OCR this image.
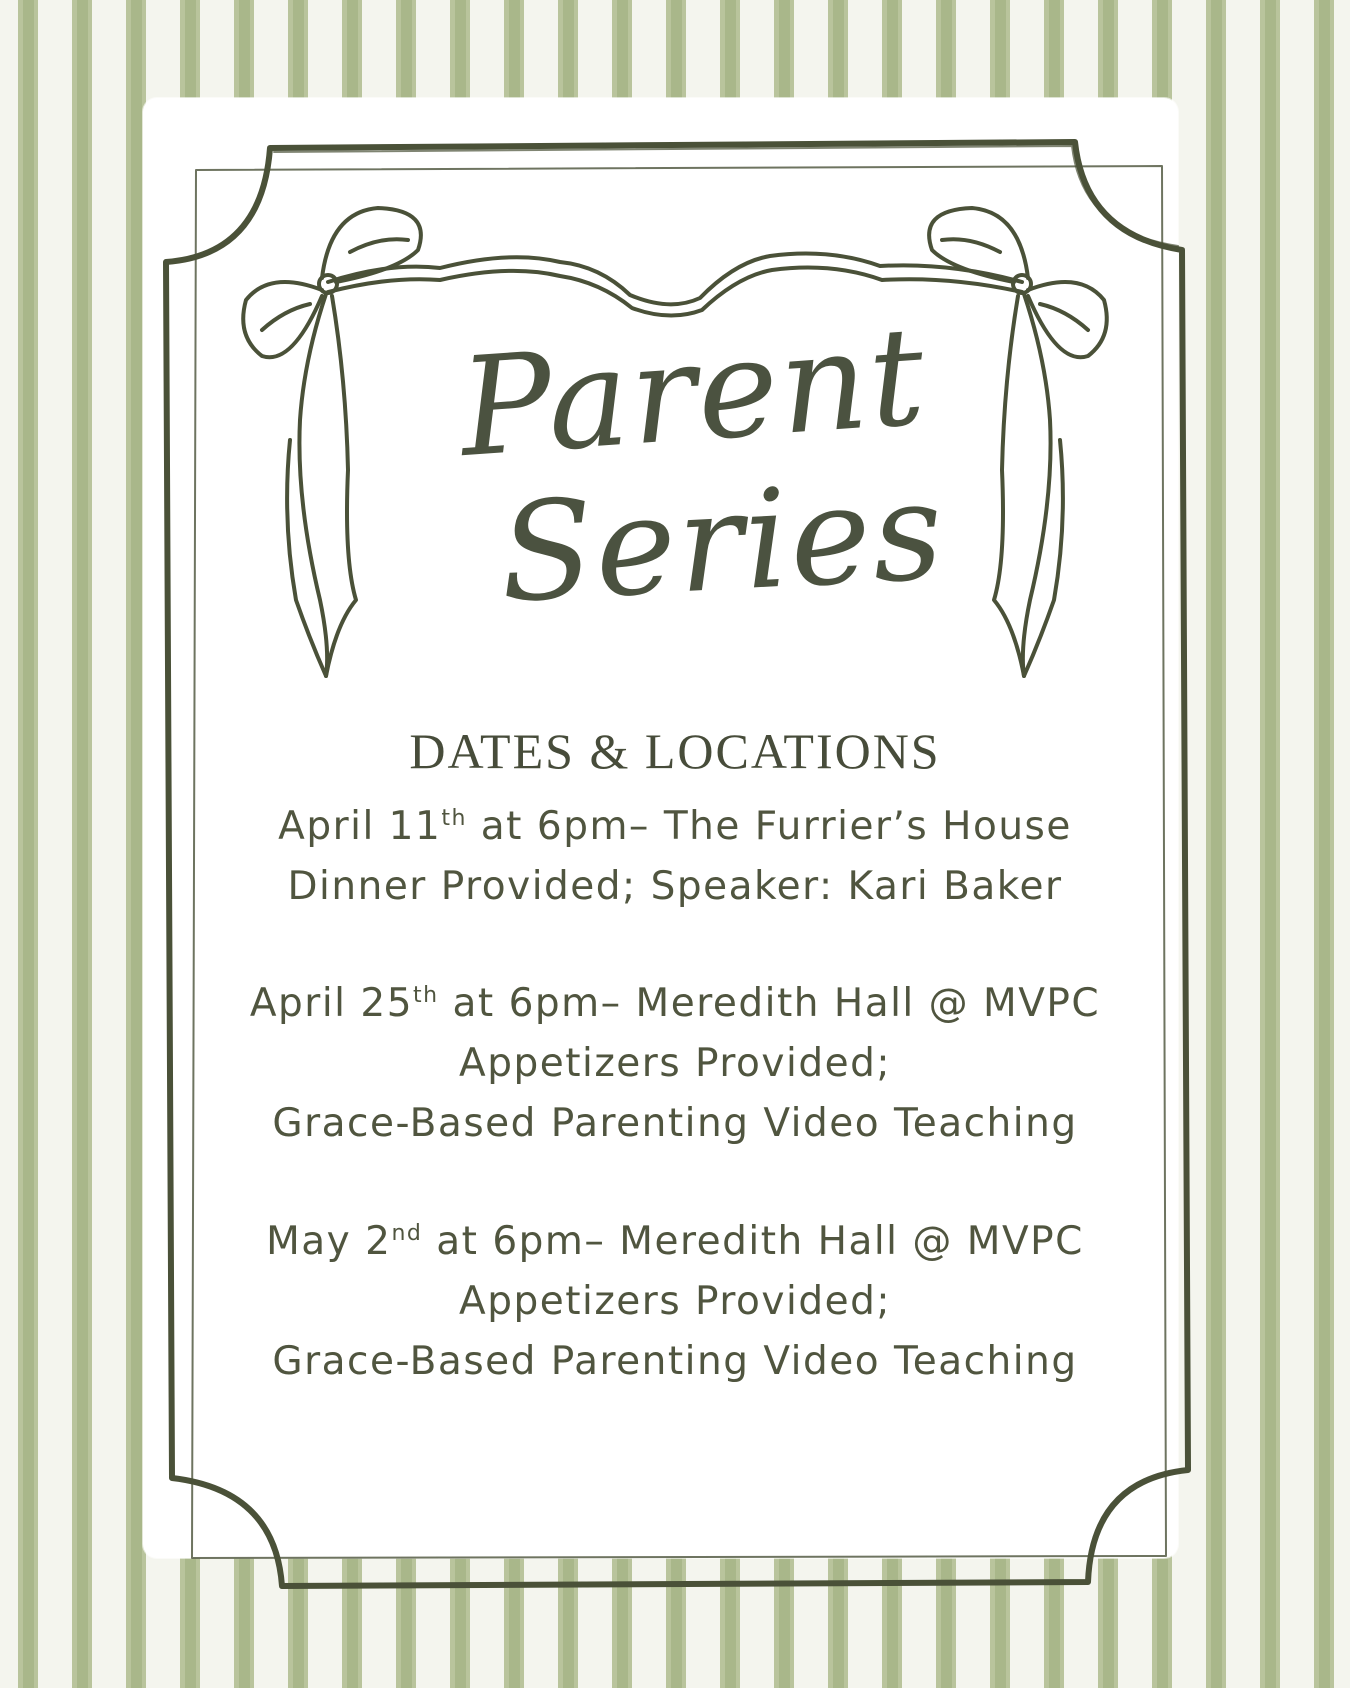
Parent
Series
DATES & LOCATIONS

April 11th at 6pm– The Furrier’s House

Dinner Provided; Speaker: Kari Baker

April 25th at 6pm– Meredith Hall @ MVPC

Appetizers Provided;

Grace-Based Parenting Video Teaching

May 2nd at 6pm– Meredith Hall @ MVPC

Appetizers Provided;

Grace-Based Parenting Video Teaching
